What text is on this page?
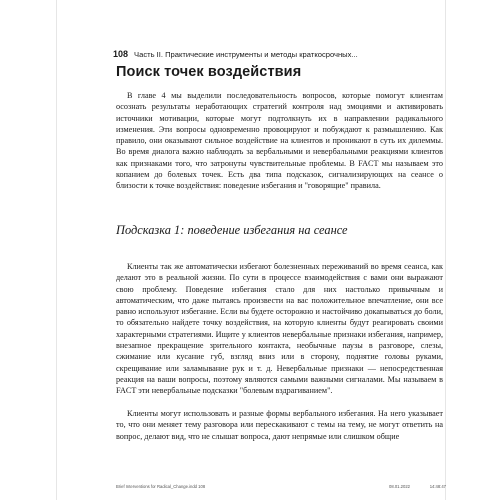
108 Часть II. Практические инструменты и методы краткосрочных...
Поиск точек воздействия

В главе 4 мы выделили последовательность вопросов, которые помогут клиентам осознать результаты неработающих стратегий контроля над эмоциями и активировать источники мотивации, которые могут подтолкнуть их в направлении радикального изменения. Эти вопросы одновременно провоцируют и побуждают к размышлению. Как правило, они оказывают сильное воздействие на клиентов и проникают в суть их дилеммы. Во время диалога важно наблюдать за вербальными и невербальными реакциями клиентов как признаками того, что затронуты чувствительные проблемы. В FACT мы называем это копанием до болевых точек. Есть два типа подсказок, сигнализирующих на сеансе о близости к точке воздействия: поведение избегания и "говорящие" правила.

Подсказка 1: поведение избегания на сеансе

Клиенты так же автоматически избегают болезненных переживаний во время сеанса, как делают это в реальной жизни. По сути в процессе взаимодействия с вами они выражают свою проблему. Поведение избегания стало для них настолько привычным и автоматическим, что даже пытаясь произвести на вас положительное впечатление, они все равно используют избегание. Если вы будете осторожно и настойчиво докапываться до боли, то обязательно найдете точку воздействия, на которую клиенты будут реагировать своими характерными стратегиями. Ищите у клиентов невербальные признаки избегания, например, внезапное прекращение зрительного контакта, необычные паузы в разговоре, слезы, сжимание или кусание губ, взгляд вниз или в сторону, поднятие головы руками, скрещивание или заламывание рук и т. д. Невербальные признаки — непосредственная реакция на ваши вопросы, поэтому являются самыми важными сигналами. Мы называем в FACT эти невербальные подсказки "болевым вздрагиванием".

Клиенты могут использовать и разные формы вербального избегания. На него указывает то, что они меняет тему разговора или перескакивают с темы на тему, не могут ответить на вопрос, делают вид, что не слышат вопроса, дают непрямые или слишком общие

Brief Interventions for Radical_Change.indd 108	08.01.2022	14:48:47
